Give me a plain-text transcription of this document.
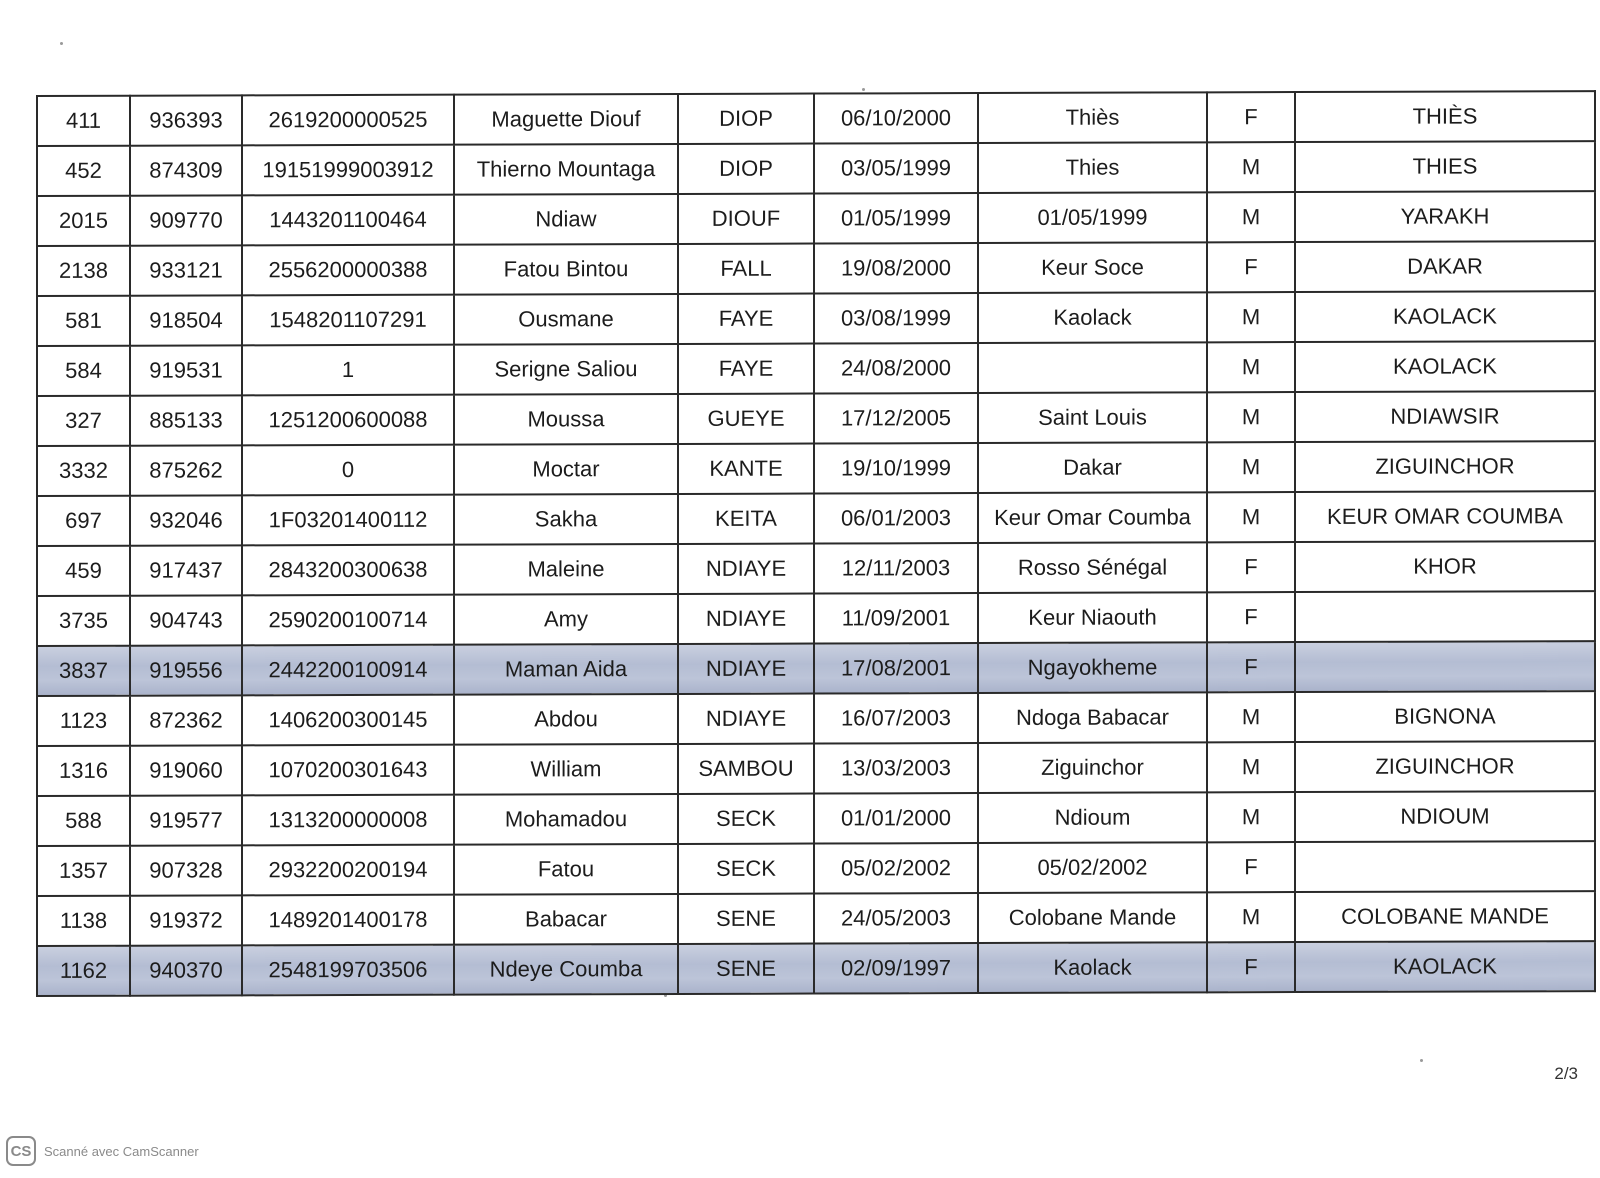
411	936393	2619200000525	Maguette Diouf	DIOP	06/10/2000	Thiès	F	THIÈS
452	874309	19151999003912	Thierno Mountaga	DIOP	03/05/1999	Thies	M	THIES
2015	909770	1443201100464	Ndiaw	DIOUF	01/05/1999	01/05/1999	M	YARAKH
2138	933121	2556200000388	Fatou Bintou	FALL	19/08/2000	Keur Soce	F	DAKAR
581	918504	1548201107291	Ousmane	FAYE	03/08/1999	Kaolack	M	KAOLACK
584	919531	1	Serigne Saliou	FAYE	24/08/2000		M	KAOLACK
327	885133	1251200600088	Moussa	GUEYE	17/12/2005	Saint Louis	M	NDIAWSIR
3332	875262	0	Moctar	KANTE	19/10/1999	Dakar	M	ZIGUINCHOR
697	932046	1F03201400112	Sakha	KEITA	06/01/2003	Keur Omar Coumba	M	KEUR OMAR COUMBA
459	917437	2843200300638	Maleine	NDIAYE	12/11/2003	Rosso Sénégal	F	KHOR
3735	904743	2590200100714	Amy	NDIAYE	11/09/2001	Keur Niaouth	F	
3837	919556	2442200100914	Maman Aida	NDIAYE	17/08/2001	Ngayokheme	F	
1123	872362	1406200300145	Abdou	NDIAYE	16/07/2003	Ndoga Babacar	M	BIGNONA
1316	919060	1070200301643	William	SAMBOU	13/03/2003	Ziguinchor	M	ZIGUINCHOR
588	919577	1313200000008	Mohamadou	SECK	01/01/2000	Ndioum	M	NDIOUM
1357	907328	2932200200194	Fatou	SECK	05/02/2002	05/02/2002	F	
1138	919372	1489201400178	Babacar	SENE	24/05/2003	Colobane Mande	M	COLOBANE MANDE
1162	940370	2548199703506	Ndeye Coumba	SENE	02/09/1997	Kaolack	F	KAOLACK
2/3
CS Scanné avec CamScanner
